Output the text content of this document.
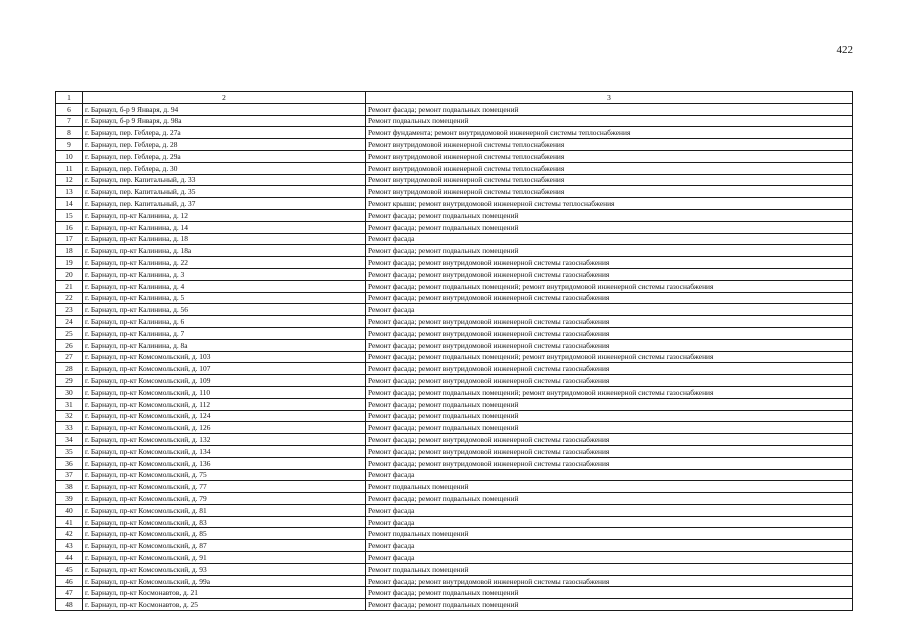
422
1	2	3
6	г. Барнаул, б-р 9 Января, д. 94	Ремонт фасада; ремонт подвальных помещений
7	г. Барнаул, б-р 9 Января, д. 98а	Ремонт подвальных помещений
8	г. Барнаул, пер. Геблера, д. 27а	Ремонт фундамента; ремонт внутридомовой инженерной системы теплоснабжения
9	г. Барнаул, пер. Геблера, д. 28	Ремонт внутридомовой инженерной системы теплоснабжения
10	г. Барнаул, пер. Геблера, д. 29а	Ремонт внутридомовой инженерной системы теплоснабжения
11	г. Барнаул, пер. Геблера, д. 30	Ремонт внутридомовой инженерной системы теплоснабжения
12	г. Барнаул, пер. Капитальный, д. 33	Ремонт внутридомовой инженерной системы теплоснабжения
13	г. Барнаул, пер. Капитальный, д. 35	Ремонт внутридомовой инженерной системы теплоснабжения
14	г. Барнаул, пер. Капитальный, д. 37	Ремонт крыши; ремонт внутридомовой инженерной системы теплоснабжения
15	г. Барнаул, пр-кт Калинина, д. 12	Ремонт фасада; ремонт подвальных помещений
16	г. Барнаул, пр-кт Калинина, д. 14	Ремонт фасада; ремонт подвальных помещений
17	г. Барнаул, пр-кт Калинина, д. 18	Ремонт фасада
18	г. Барнаул, пр-кт Калинина, д. 18а	Ремонт фасада; ремонт подвальных помещений
19	г. Барнаул, пр-кт Калинина, д. 22	Ремонт фасада; ремонт внутридомовой инженерной системы газоснабжения
20	г. Барнаул, пр-кт Калинина, д. 3	Ремонт фасада; ремонт внутридомовой инженерной системы газоснабжения
21	г. Барнаул, пр-кт Калинина, д. 4	Ремонт фасада; ремонт подвальных помещений; ремонт внутридомовой инженерной системы газоснабжения
22	г. Барнаул, пр-кт Калинина, д. 5	Ремонт фасада; ремонт внутридомовой инженерной системы газоснабжения
23	г. Барнаул, пр-кт Калинина, д. 56	Ремонт фасада
24	г. Барнаул, пр-кт Калинина, д. 6	Ремонт фасада; ремонт внутридомовой инженерной системы газоснабжения
25	г. Барнаул, пр-кт Калинина, д. 7	Ремонт фасада; ремонт внутридомовой инженерной системы газоснабжения
26	г. Барнаул, пр-кт Калинина, д. 8а	Ремонт фасада; ремонт внутридомовой инженерной системы газоснабжения
27	г. Барнаул, пр-кт Комсомольский, д. 103	Ремонт фасада; ремонт подвальных помещений; ремонт внутридомовой инженерной системы газоснабжения
28	г. Барнаул, пр-кт Комсомольский, д. 107	Ремонт фасада; ремонт внутридомовой инженерной системы газоснабжения
29	г. Барнаул, пр-кт Комсомольский, д. 109	Ремонт фасада; ремонт внутридомовой инженерной системы газоснабжения
30	г. Барнаул, пр-кт Комсомольский, д. 110	Ремонт фасада; ремонт подвальных помещений; ремонт внутридомовой инженерной системы газоснабжения
31	г. Барнаул, пр-кт Комсомольский, д. 112	Ремонт фасада; ремонт подвальных помещений
32	г. Барнаул, пр-кт Комсомольский, д. 124	Ремонт фасада; ремонт подвальных помещений
33	г. Барнаул, пр-кт Комсомольский, д. 126	Ремонт фасада; ремонт подвальных помещений
34	г. Барнаул, пр-кт Комсомольский, д. 132	Ремонт фасада; ремонт внутридомовой инженерной системы газоснабжения
35	г. Барнаул, пр-кт Комсомольский, д. 134	Ремонт фасада; ремонт внутридомовой инженерной системы газоснабжения
36	г. Барнаул, пр-кт Комсомольский, д. 136	Ремонт фасада; ремонт внутридомовой инженерной системы газоснабжения
37	г. Барнаул, пр-кт Комсомольский, д. 75	Ремонт фасада
38	г. Барнаул, пр-кт Комсомольский, д. 77	Ремонт подвальных помещений
39	г. Барнаул, пр-кт Комсомольский, д. 79	Ремонт фасада; ремонт подвальных помещений
40	г. Барнаул, пр-кт Комсомольский, д. 81	Ремонт фасада
41	г. Барнаул, пр-кт Комсомольский, д. 83	Ремонт фасада
42	г. Барнаул, пр-кт Комсомольский, д. 85	Ремонт подвальных помещений
43	г. Барнаул, пр-кт Комсомольский, д. 87	Ремонт фасада
44	г. Барнаул, пр-кт Комсомольский, д. 91	Ремонт фасада
45	г. Барнаул, пр-кт Комсомольский, д. 93	Ремонт подвальных помещений
46	г. Барнаул, пр-кт Комсомольский, д. 99а	Ремонт фасада; ремонт внутридомовой инженерной системы газоснабжения
47	г. Барнаул, пр-кт Космонавтов, д. 21	Ремонт фасада; ремонт подвальных помещений
48	г. Барнаул, пр-кт Космонавтов, д. 25	Ремонт фасада; ремонт подвальных помещений
